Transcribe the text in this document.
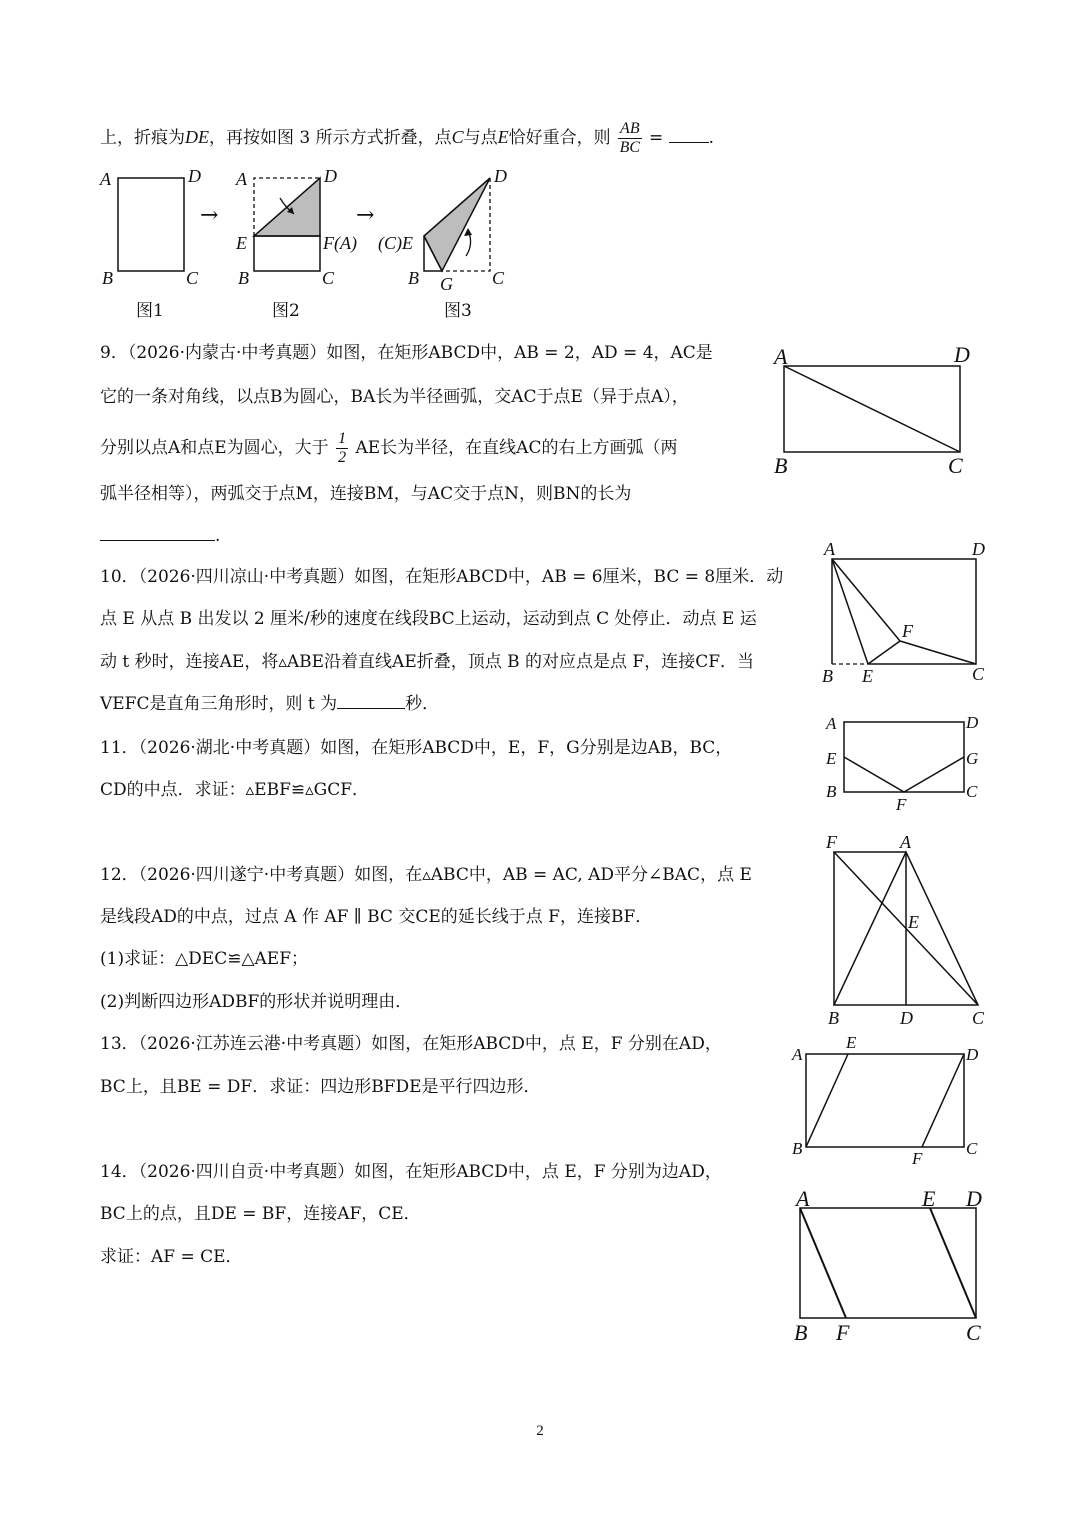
上，折痕为DE，再按如图 3 所示方式折叠，点C与点E恰好重合，则 $\frac{AB}{BC}$ =	.
A	D
B	C
图1
→
A	D
E	F(A)
B	C
图2
→
(C)E
D
B G C
图3
9．（2026·内蒙古·中考真题）如图，在矩形ABCD中，AB = 2，AD = 4，AC是
它的一条对角线，以点B为圆心，BA长为半径画弧，交AC于点E（异于点A），
分别以点A和点E为圆心，大于 $\frac{1}{2}$ AE长为半径，在直线AC的右上方画弧（两
弧半径相等），两弧交于点M，连接BM，与AC交于点N，则BN的长为
.
A	D
B	C
10．（2026·四川凉山·中考真题）如图，在矩形ABCD中，AB = 6厘米，BC = 8厘米．动
点 E 从点 B 出发以 2 厘米/秒的速度在线段BC上运动，运动到点 C 处停止．动点 E 运
动 t 秒时，连接AE，将▵ABE沿着直线AE折叠，顶点 B 的对应点是点 F，连接CF．当
VEFC是直角三角形时，则 t 为	秒．
A	D
F
B E	C
11．（2026·湖北·中考真题）如图，在矩形ABCD中，E，F，G分别是边AB，BC，
CD的中点．求证：▵EBF≌▵GCF．
A	D
E	G
B
F
C
12．（2026·四川遂宁·中考真题）如图，在▵ABC中，AB = AC, AD平分∠BAC，点 E
是线段AD的中点，过点 A 作 AF ∥ BC 交CE的延长线于点 F，连接BF．
(1)求证：△DEC≌△AEF；
(2)判断四边形ADBF的形状并说明理由．
F	A
E
B	D	C
13．（2026·江苏连云港·中考真题）如图，在矩形ABCD中，点 E，F 分别在AD，
BC上，且BE = DF．求证：四边形BFDE是平行四边形．
A
E
D
B
F
C
14．（2026·四川自贡·中考真题）如图，在矩形ABCD中，点 E，F 分别为边AD，
BC上的点，且DE = BF，连接AF，CE．
求证：AF = CE．
A	E D
B F	C
2
